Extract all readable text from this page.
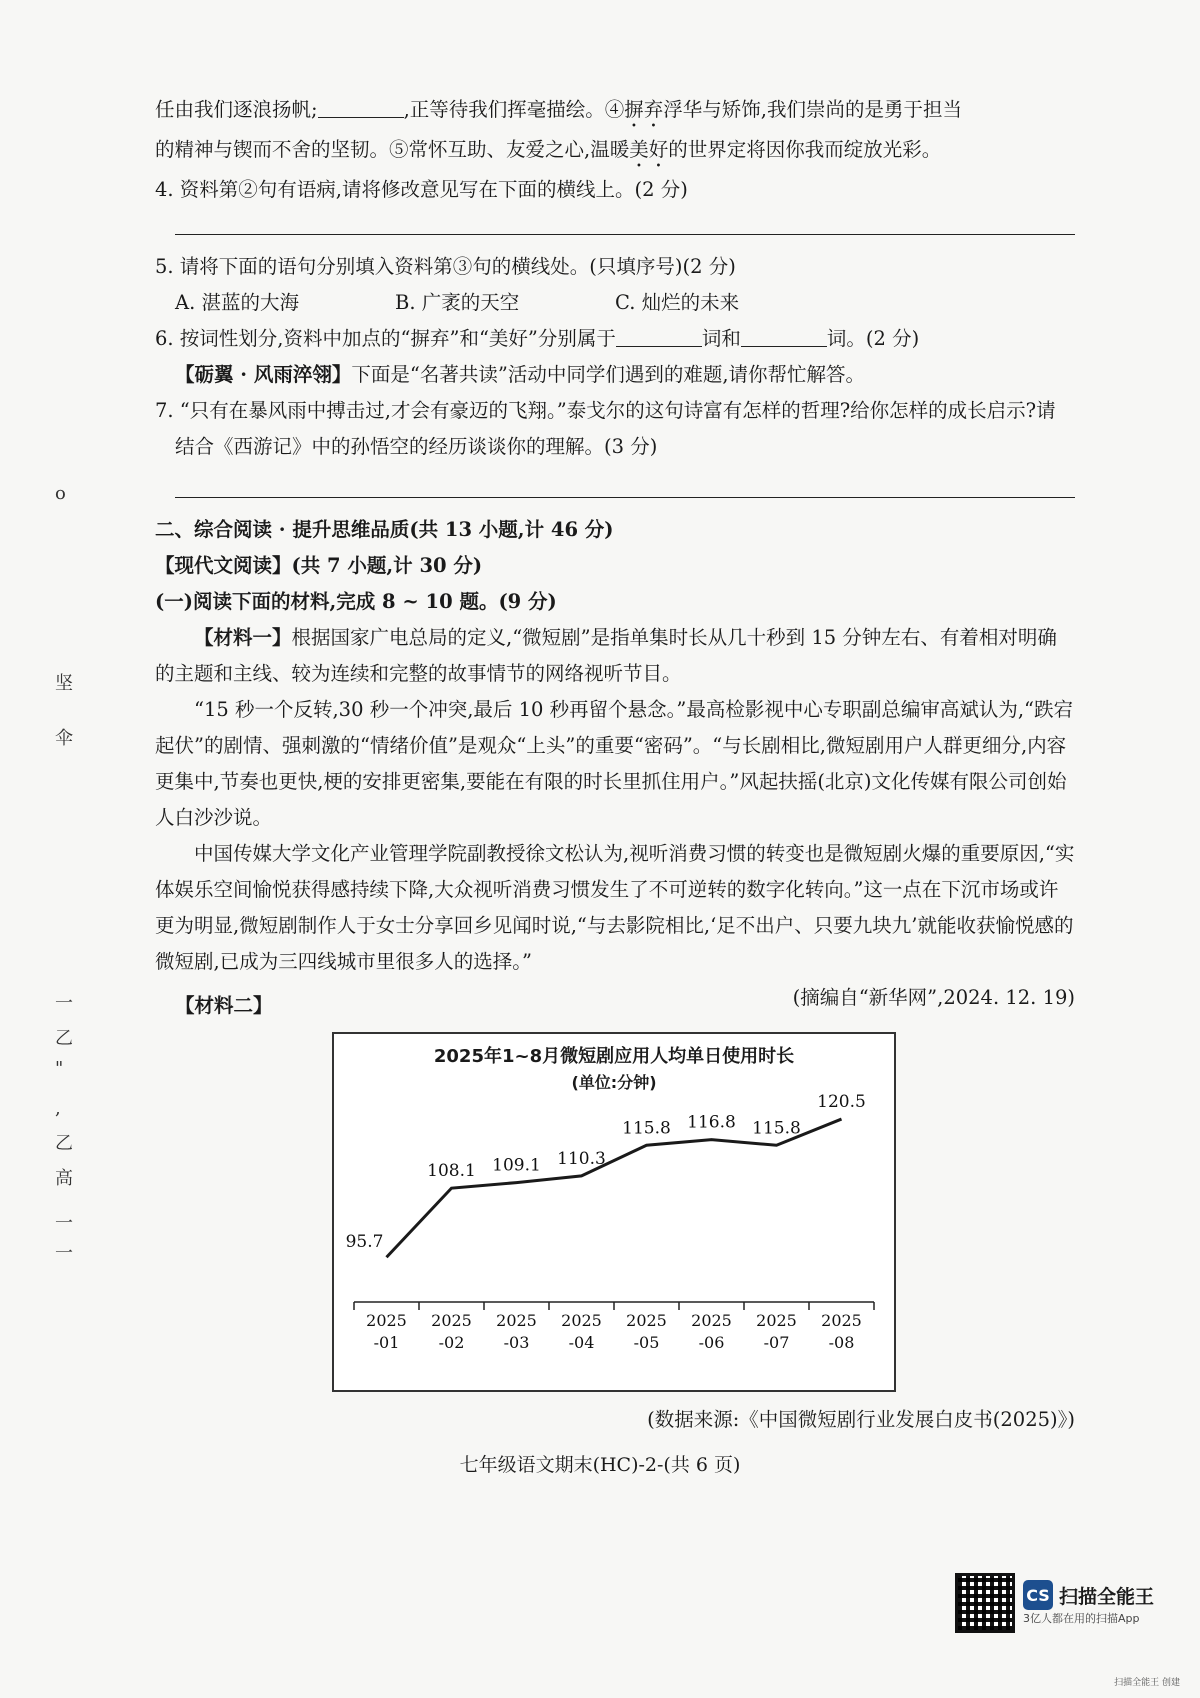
o
坚
伞
一
乙
"
,
乙
高
一
一

任由我们逐浪扬帆;	,正等待我们挥毫描绘。④摒弃浮华与矫饰,我们崇尚的是勇于担当

的精神与锲而不舍的坚韧。⑤常怀互助、友爱之心,温暖美好的世界定将因你我而绽放光彩。

4. 资料第②句有语病,请将修改意见写在下面的横线上。(2 分)

5. 请将下面的语句分别填入资料第③句的横线处。(只填序号)(2 分)

A. 湛蓝的大海	B. 广袤的天空	C. 灿烂的未来

6. 按词性划分,资料中加点的“摒弃”和“美好”分别属于	词和	词。(2 分)

【砺翼 · 风雨淬翎】下面是“名著共读”活动中同学们遇到的难题,请你帮忙解答。

7. “只有在暴风雨中搏击过,才会有豪迈的飞翔。”泰戈尔的这句诗富有怎样的哲理?给你怎样的成长启示?请结合《西游记》中的孙悟空的经历谈谈你的理解。(3 分)

二、综合阅读 · 提升思维品质(共 13 小题,计 46 分)

【现代文阅读】(共 7 小题,计 30 分)

(一)阅读下面的材料,完成 8 ~ 10 题。(9 分)

【材料一】根据国家广电总局的定义,“微短剧”是指单集时长从几十秒到 15 分钟左右、有着相对明确的主题和主线、较为连续和完整的故事情节的网络视听节目。

“15 秒一个反转,30 秒一个冲突,最后 10 秒再留个悬念。”最高检影视中心专职副总编审高斌认为,“跌宕起伏”的剧情、强刺激的“情绪价值”是观众“上头”的重要“密码”。“与长剧相比,微短剧用户人群更细分,内容更集中,节奏也更快,梗的安排更密集,要能在有限的时长里抓住用户。”风起扶摇(北京)文化传媒有限公司创始人白沙沙说。

中国传媒大学文化产业管理学院副教授徐文松认为,视听消费习惯的转变也是微短剧火爆的重要原因,“实体娱乐空间愉悦获得感持续下降,大众视听消费习惯发生了不可逆转的数字化转向。”这一点在下沉市场或许更为明显,微短剧制作人于女士分享回乡见闻时说,“与去影院相比,‘足不出户、只要九块九’就能收获愉悦感的微短剧,已成为三四线城市里很多人的选择。”

(摘编自“新华网”,2024. 12. 19)

【材料二】
95.7
108.1 109.1 110.3
115.8 116.8 115.8
120.5
2025
-01
2025
-02
2025
-03
2025
-04
2025
-05
2025
-06
2025
-07
2025
-08
2025年1~8月微短剧应用人均单日使用时长
(单位:分钟)
(数据来源:《中国微短剧行业发展白皮书(2025)》)
七年级语文期末(HC)-2-(共 6 页)
CS 扫描全能王
3亿人都在用的扫描App
扫描全能王 创建
